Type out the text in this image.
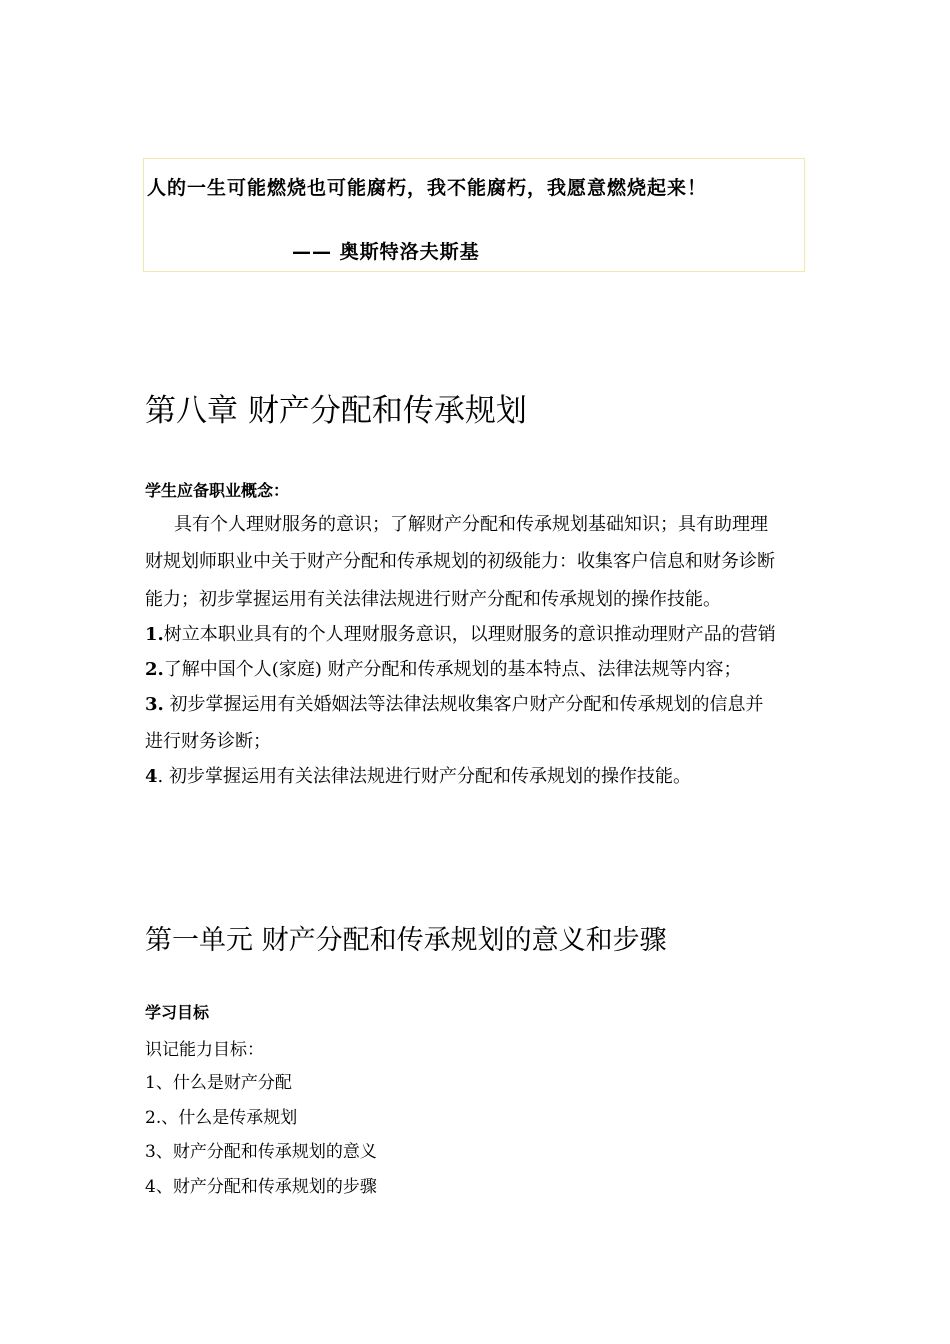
人的一生可能燃烧也可能腐朽，我不能腐朽，我愿意燃烧起来！
—— 奥斯特洛夫斯基
第八章 财产分配和传承规划
学生应备职业概念：
具有个人理财服务的意识；了解财产分配和传承规划基础知识；具有助理理
财规划师职业中关于财产分配和传承规划的初级能力：收集客户信息和财务诊断
能力；初步掌握运用有关法律法规进行财产分配和传承规划的操作技能。
1.树立本职业具有的个人理财服务意识，以理财服务的意识推动理财产品的营销
2.了解中国个人(家庭) 财产分配和传承规划的基本特点、法律法规等内容；
3. 初步掌握运用有关婚姻法等法律法规收集客户财产分配和传承规划的信息并
进行财务诊断；
4. 初步掌握运用有关法律法规进行财产分配和传承规划的操作技能。
第一单元 财产分配和传承规划的意义和步骤
学习目标
识记能力目标：
1、什么是财产分配
2.、什么是传承规划
3、财产分配和传承规划的意义
4、财产分配和传承规划的步骤
